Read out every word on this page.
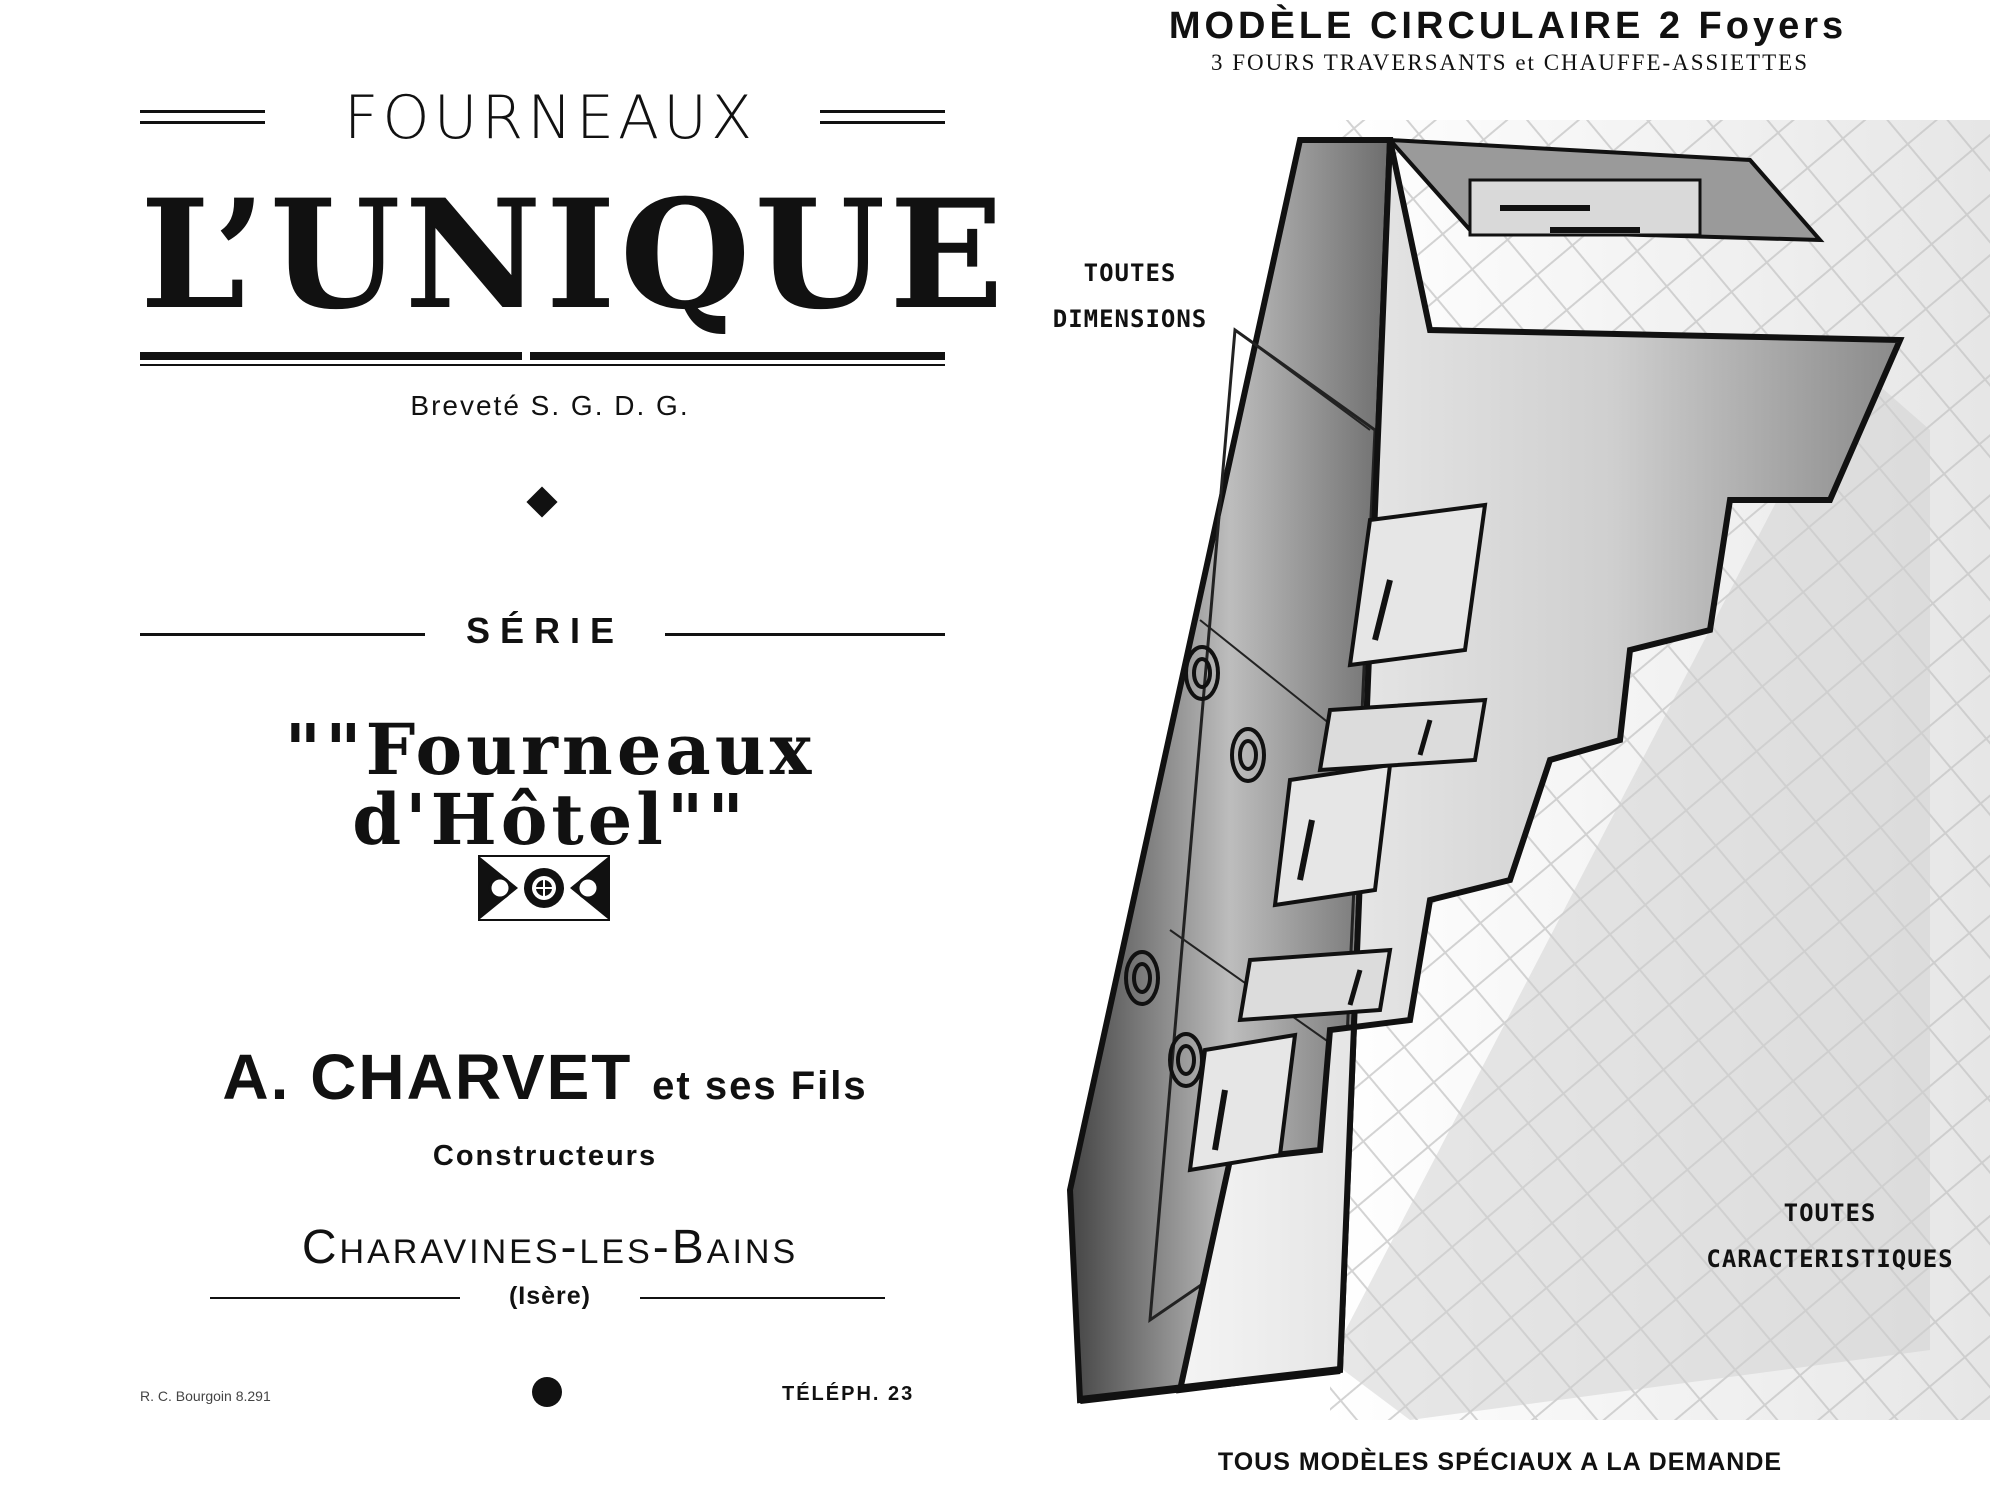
FOURNEAUX
L’UNIQUE
Breveté S. G. D. G.
SÉRIE
""Fourneaux d'Hôtel""
A. CHARVET et ses Fils
Constructeurs
Charavines-les-Bains
(Isère)
R. C. Bourgoin 8.291	TÉLÉPH. 23
MODÈLE CIRCULAIRE 2 Foyers
3 FOURS TRAVERSANTS et CHAUFFE-ASSIETTES
TOUTES
DIMENSIONS
TOUTES
CARACTERISTIQUES
TOUS MODÈLES SPÉCIAUX A LA DEMANDE
